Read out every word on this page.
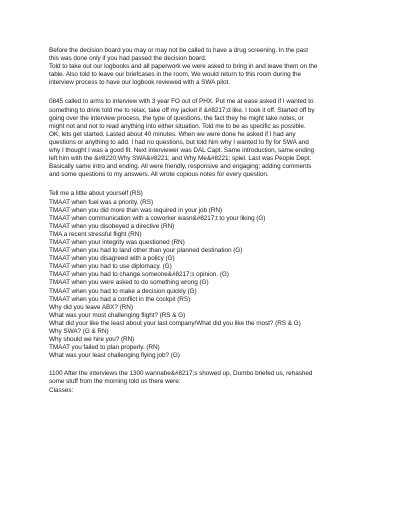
Before the decision board you may or may not be called to have a drug screening. In the past
this was done only if you had passed the decision board.
Told to take out our logbooks and all paperwork we were asked to bring in and leave them on the
table. Also told to leave our briefcases in the room. We would return to this room during the
interview process to have our logbook reviewed with a SWA pilot.

0845 called to arms to interview with 3 year FO out of PHX. Put me at ease asked if I wanted to
something to drink told me to relax, take off my jacket if &#8217;d like. I took it off. Started off by
going over the interview process, the type of questions, the fact they he might take notes, or
might not and not to read anything into either situation. Told me to be as specific as possible.
OK, lets get started. Lasted about 40 minutes. When we were done he asked if I had any
questions or anything to add. I had no questions, but told him why I wanted to fly for SWA and
why I thought I was a good fit. Next interviewer was DAL Capt. Same introduction, same ending
left him with the &#8220;Why SWA&#8221; and Why Me&#8221; spiel. Last was People Dept.
Basically same intro and ending. All were friendly, responsive and engaging; adding comments
and some questions to my answers. All wrote copious notes for every question.

Tell me a little about yourself (RS)

TMAAT when fuel was a priority. (RS)

TMAAT when you did more than was required in your job (RN)

TMAAT when communication with a coworker wasn&#8217;t to your liking (G)

TMAAT when you disobeyed a directive (RN)

TMA a recent stressful flight (RN)

TMAAT when your integrity was questioned (RN)

TMAAT when you had to land other than your planned destination (G)

TMAAT when you disagreed with a policy (G)

TMAAT when you had to use diplomacy. (G)

TMAAT when you had to change someone&#8217;s opinion. (G)

TMAAT when you were asked to do something wrong (G)

TMAAT when you had to make a decision quickly (G)

TMAAT when you had a conflict in the cockpit (RS)

Why did you leave ABX? (RN)

What was your most challenging flight? (RS & G)

What did your like the least about your last company/What did you like the most? (RS & G)

Why SWA? (G & RN)

Why should we hire you? (RN)

TMAAT you failed to plan properly. (RN)

What was your least challenging flying job? (G)

1100 After the interviews the 1300 wannabe&#8217;s showed up, Dumbo briefed us, rehashed
some stuff from the morning told us there were:
Classes:
